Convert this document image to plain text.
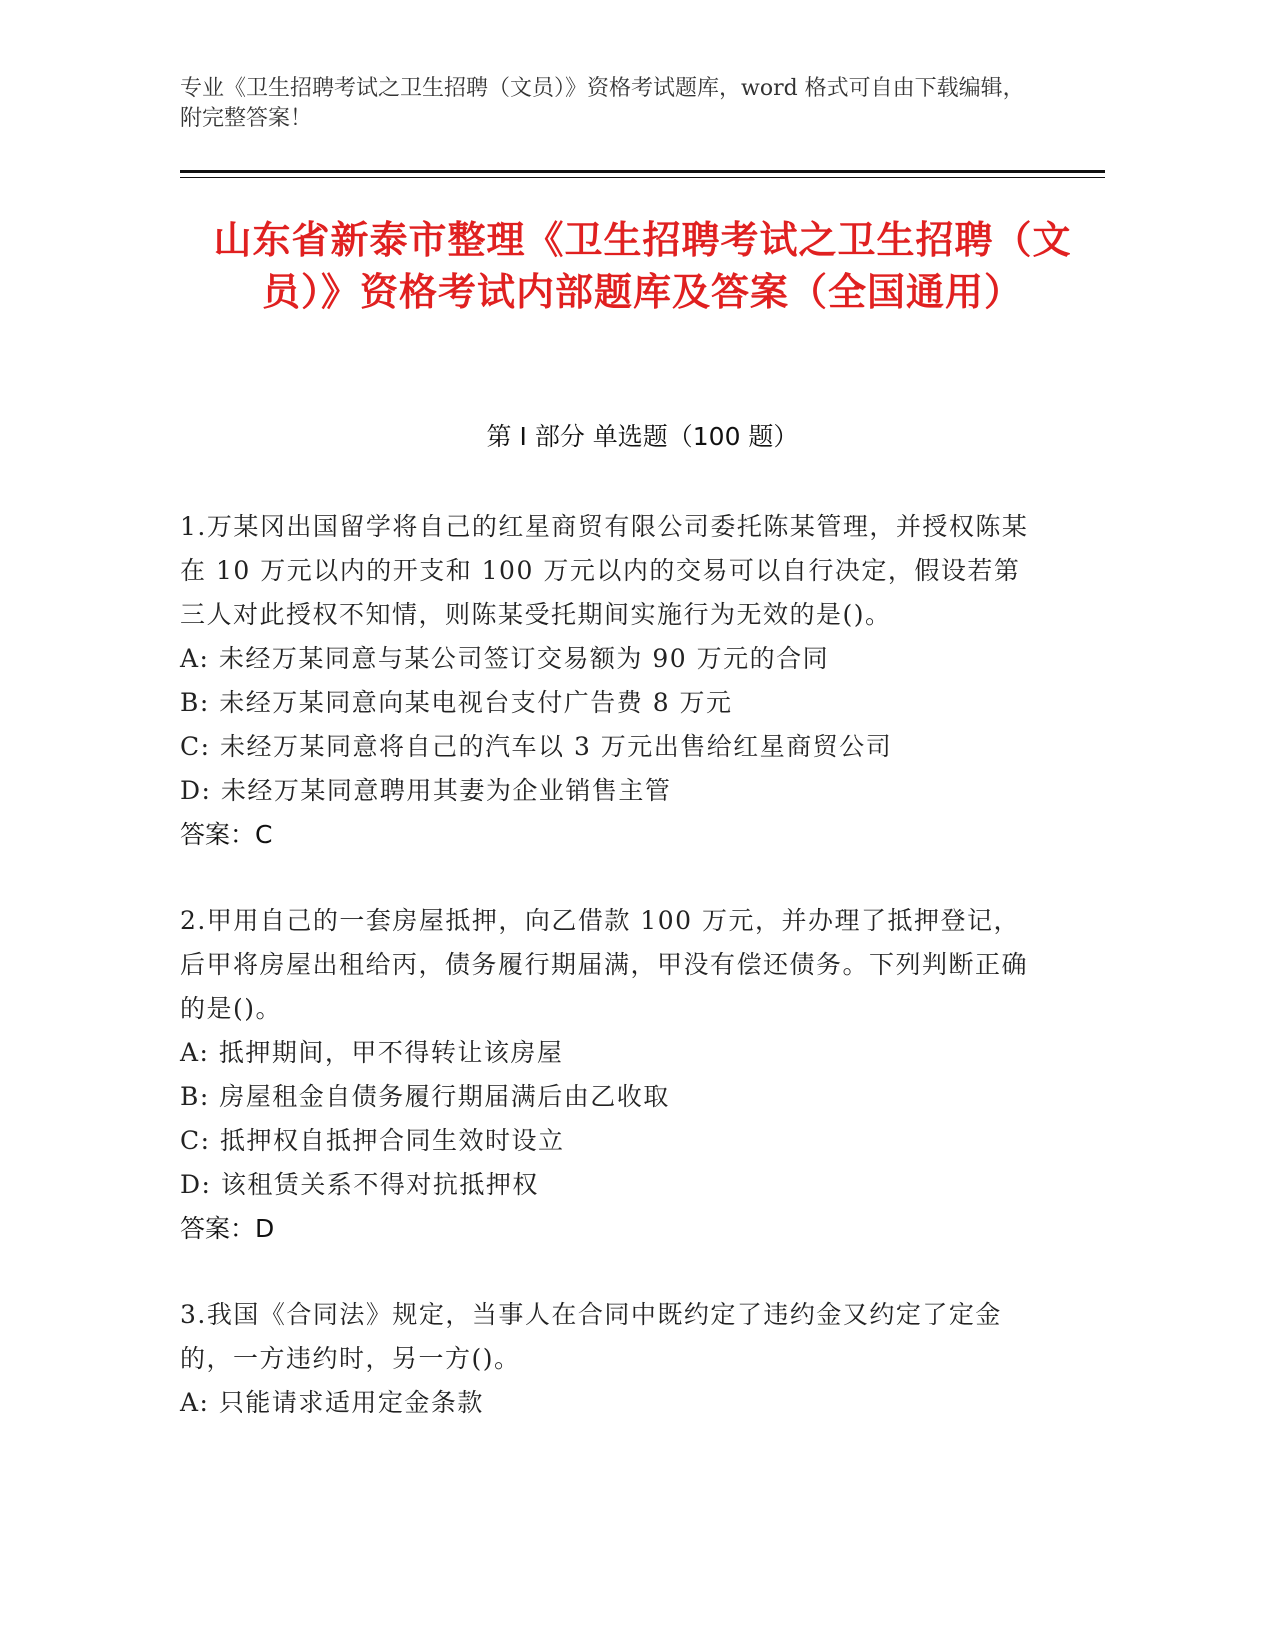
专业《卫生招聘考试之卫生招聘（文员）》资格考试题库，word 格式可自由下载编辑，附完整答案！
山东省新泰市整理《卫生招聘考试之卫生招聘（文员）》资格考试内部题库及答案（全国通用）
第 I 部分 单选题（100 题）

1.万某冈出国留学将自己的红星商贸有限公司委托陈某管理，并授权陈某在 10 万元以内的开支和 100 万元以内的交易可以自行决定，假设若第三人对此授权不知情，则陈某受托期间实施行为无效的是()。

A: 未经万某同意与某公司签订交易额为 90 万元的合同

B: 未经万某同意向某电视台支付广告费 8 万元

C: 未经万某同意将自己的汽车以 3 万元出售给红星商贸公司

D: 未经万某同意聘用其妻为企业销售主管

答案：C

2.甲用自己的一套房屋抵押，向乙借款 100 万元，并办理了抵押登记，后甲将房屋出租给丙，债务履行期届满，甲没有偿还债务。下列判断正确的是()。

A: 抵押期间，甲不得转让该房屋

B: 房屋租金自债务履行期届满后由乙收取

C: 抵押权自抵押合同生效时设立

D: 该租赁关系不得对抗抵押权

答案：D

3.我国《合同法》规定，当事人在合同中既约定了违约金又约定了定金的，一方违约时，另一方()。

A: 只能请求适用定金条款
